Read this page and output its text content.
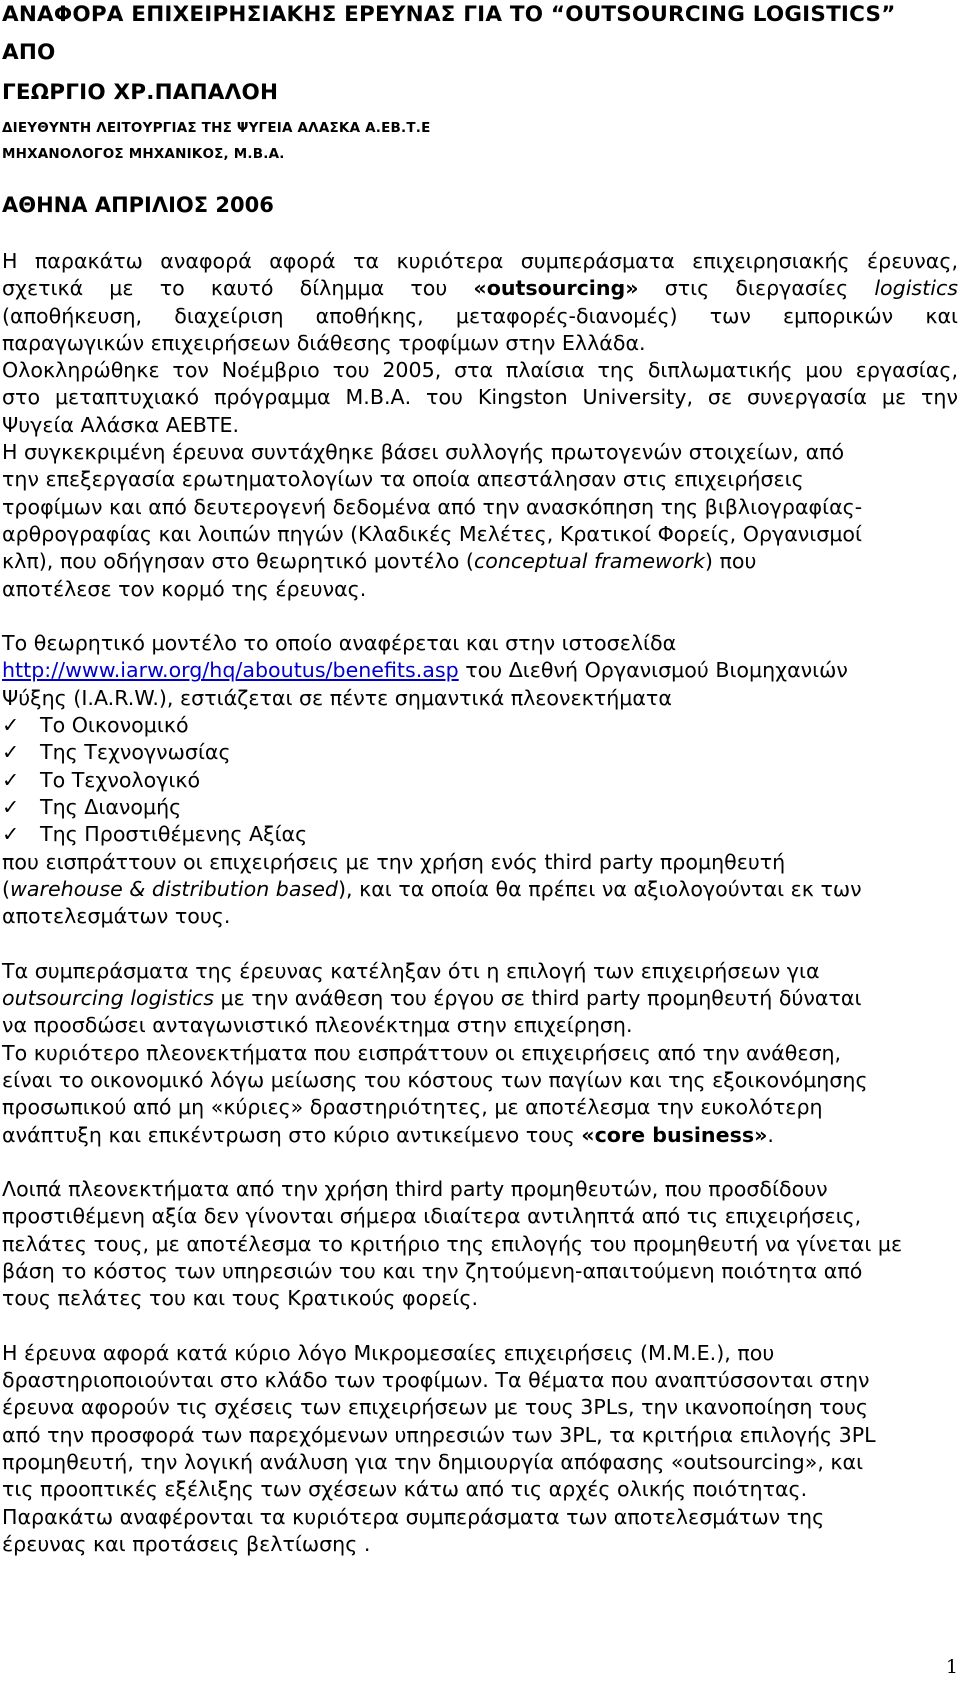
ΑΝΑΦΟΡΑ ΕΠΙΧΕΙΡΗΣΙΑΚΗΣ ΕΡΕΥΝΑΣ ΓΙΑ ΤΟ “OUTSOURCING LOGISTICS”
ΑΠΟ
ΓΕΩΡΓΙΟ ΧΡ.ΠΑΠΑΛΟΗ
ΔΙΕΥΘΥΝΤΗ ΛΕΙΤΟΥΡΓΙΑΣ ΤΗΣ ΨΥΓΕΙΑ ΑΛΑΣΚΑ Α.ΕΒ.Τ.Ε
ΜΗΧΑΝΟΛΟΓΟΣ ΜΗΧΑΝΙΚΟΣ, Μ.Β.Α.
ΑΘΗΝΑ ΑΠΡΙΛΙΟΣ 2006
Η παρακάτω αναφορά αφορά τα κυριότερα συμπεράσματα επιχειρησιακής έρευνας,
σχετικά με το καυτό δίλημμα του «outsourcing» στις διεργασίες logistics
(αποθήκευση, διαχείριση αποθήκης, μεταφορές-διανομές) των εμπορικών και
παραγωγικών επιχειρήσεων διάθεσης τροφίμων στην Ελλάδα.
Ολοκληρώθηκε τον Νοέμβριο του 2005, στα πλαίσια της διπλωματικής μου εργασίας,
στο μεταπτυχιακό πρόγραμμα Μ.Β.Α. του Kingston University, σε συνεργασία με την
Ψυγεία Αλάσκα ΑΕΒΤΕ.
Η συγκεκριμένη έρευνα συντάχθηκε βάσει συλλογής πρωτογενών στοιχείων, από
την επεξεργασία ερωτηματολογίων τα οποία απεστάλησαν στις επιχειρήσεις
τροφίμων και από δευτερογενή δεδομένα από την ανασκόπηση της βιβλιογραφίας-
αρθρογραφίας και λοιπών πηγών (Κλαδικές Μελέτες, Κρατικοί Φορείς, Οργανισμοί
κλπ), που οδήγησαν στο θεωρητικό μοντέλο (conceptual framework) που
αποτέλεσε τον κορμό της έρευνας.
Το θεωρητικό μοντέλο το οποίο αναφέρεται και στην ιστοσελίδα
http://www.iarw.org/hq/aboutus/benefits.asp του Διεθνή Οργανισμού Βιομηχανιών
Ψύξης (I.A.R.W.), εστιάζεται σε πέντε σημαντικά πλεονεκτήματα
✓ Το Οικονομικό
✓ Της Τεχνογνωσίας
✓ Το Τεχνολογικό
✓ Της Διανομής
✓ Της Προστιθέμενης Αξίας
που εισπράττουν οι επιχειρήσεις με την χρήση ενός third party προμηθευτή
(warehouse & distribution based), και τα οποία θα πρέπει να αξιολογούνται εκ των
αποτελεσμάτων τους.
Τα συμπεράσματα της έρευνας κατέληξαν ότι η επιλογή των επιχειρήσεων για
outsourcing logistics με την ανάθεση του έργου σε third party προμηθευτή δύναται
να προσδώσει ανταγωνιστικό πλεονέκτημα στην επιχείρηση.
Το κυριότερο πλεονεκτήματα που εισπράττουν οι επιχειρήσεις από την ανάθεση,
είναι το οικονομικό λόγω μείωσης του κόστους των παγίων και της εξοικονόμησης
προσωπικού από μη «κύριες» δραστηριότητες, με αποτέλεσμα την ευκολότερη
ανάπτυξη και επικέντρωση στο κύριο αντικείμενο τους «core business».
Λοιπά πλεονεκτήματα από την χρήση third party προμηθευτών, που προσδίδουν
προστιθέμενη αξία δεν γίνονται σήμερα ιδιαίτερα αντιληπτά από τις επιχειρήσεις,
πελάτες τους, με αποτέλεσμα το κριτήριο της επιλογής του προμηθευτή να γίνεται με
βάση το κόστος των υπηρεσιών του και την ζητούμενη-απαιτούμενη ποιότητα από
τους πελάτες του και τους Κρατικούς φορείς.
Η έρευνα αφορά κατά κύριο λόγο Μικρομεσαίες επιχειρήσεις (Μ.Μ.Ε.), που
δραστηριοποιούνται στο κλάδο των τροφίμων. Τα θέματα που αναπτύσσονται στην
έρευνα αφορούν τις σχέσεις των επιχειρήσεων με τους 3PLs, την ικανοποίηση τους
από την προσφορά των παρεχόμενων υπηρεσιών των 3PL, τα κριτήρια επιλογής 3PL
προμηθευτή, την λογική ανάλυση για την δημιουργία απόφασης «outsourcing», και
τις προοπτικές εξέλιξης των σχέσεων κάτω από τις αρχές ολικής ποιότητας.
Παρακάτω αναφέρονται τα κυριότερα συμπεράσματα των αποτελεσμάτων της
έρευνας και προτάσεις βελτίωσης .
1
